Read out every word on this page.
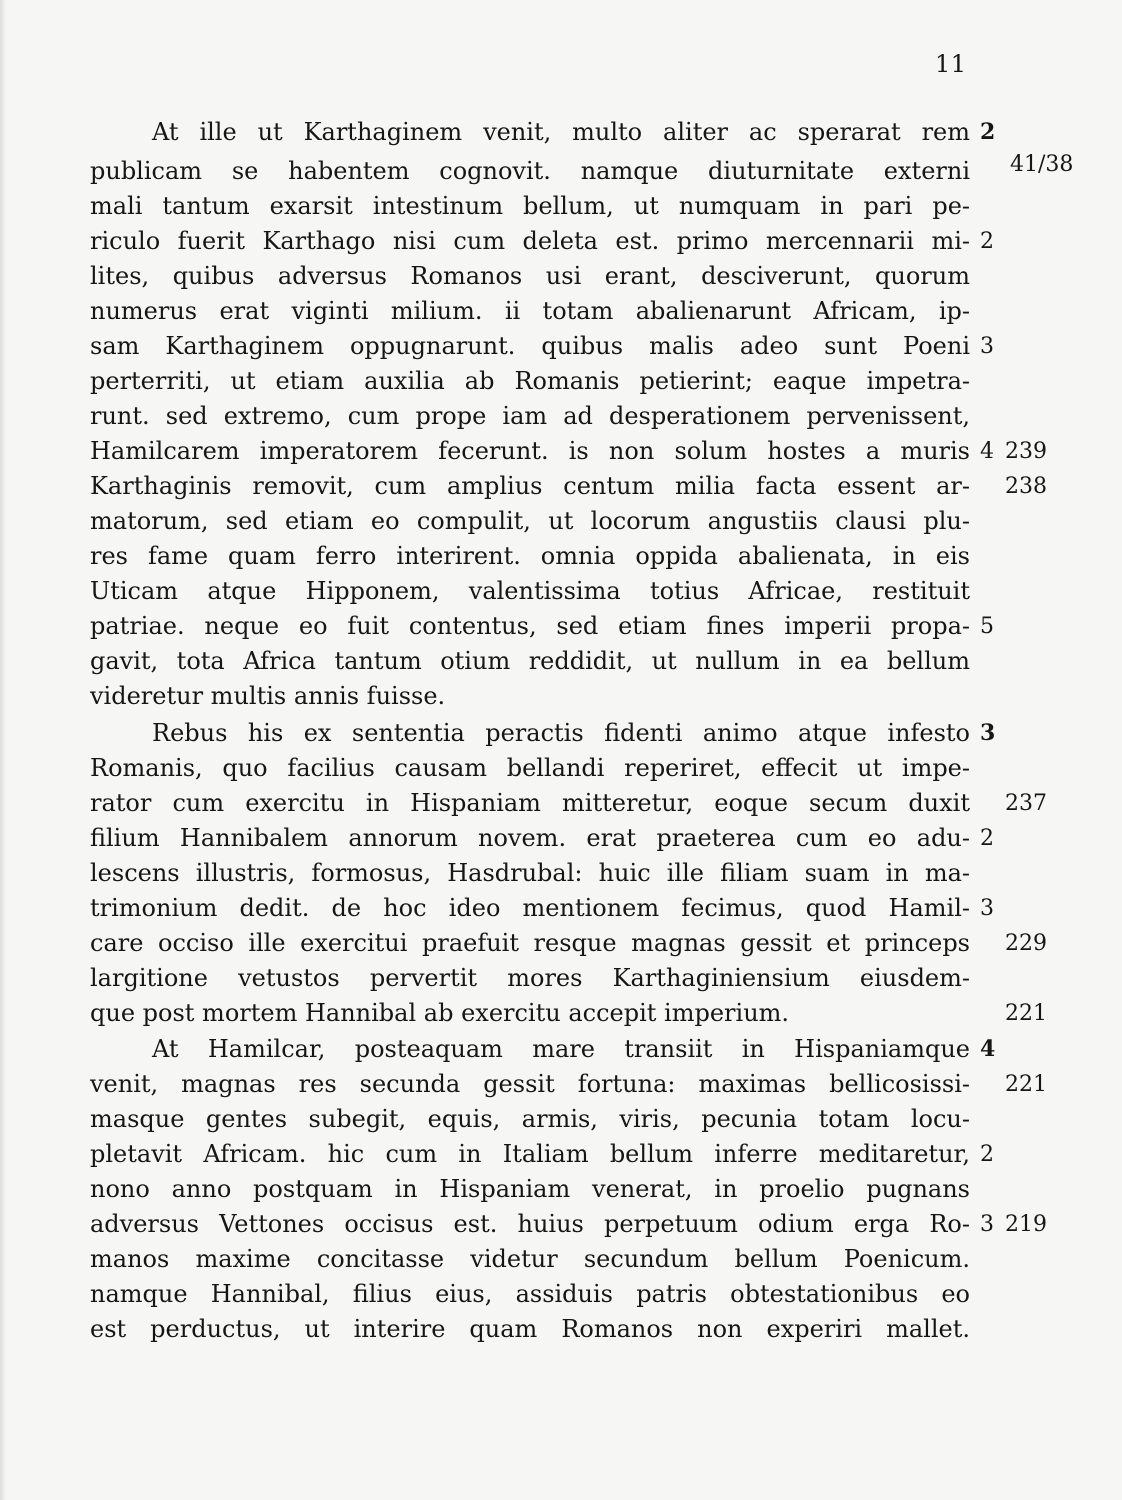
11
At ille ut Karthaginem venit, multo aliter ac sperarat rem
publicam se habentem cognovit. namque diuturnitate externi
mali tantum exarsit intestinum bellum, ut numquam in pari pe-
riculo fuerit Karthago nisi cum deleta est. primo mercennarii mi-
lites, quibus adversus Romanos usi erant, desciverunt, quorum
numerus erat viginti milium. ii totam abalienarunt Africam, ip-
sam Karthaginem oppugnarunt. quibus malis adeo sunt Poeni
perterriti, ut etiam auxilia ab Romanis petierint; eaque impetra-
runt. sed extremo, cum prope iam ad desperationem pervenissent,
Hamilcarem imperatorem fecerunt. is non solum hostes a muris
Karthaginis removit, cum amplius centum milia facta essent ar-
matorum, sed etiam eo compulit, ut locorum angustiis clausi plu-
res fame quam ferro interirent. omnia oppida abalienata, in eis
Uticam atque Hipponem, valentissima totius Africae, restituit
patriae. neque eo fuit contentus, sed etiam fines imperii propa-
gavit, tota Africa tantum otium reddidit, ut nullum in ea bellum
videretur multis annis fuisse.
Rebus his ex sententia peractis fidenti animo atque infesto
Romanis, quo facilius causam bellandi reperiret, effecit ut impe-
rator cum exercitu in Hispaniam mitteretur, eoque secum duxit
filium Hannibalem annorum novem. erat praeterea cum eo adu-
lescens illustris, formosus, Hasdrubal: huic ille filiam suam in ma-
trimonium dedit. de hoc ideo mentionem fecimus, quod Hamil-
care occiso ille exercitui praefuit resque magnas gessit et princeps
largitione vetustos pervertit mores Karthaginiensium eiusdem-
que post mortem Hannibal ab exercitu accepit imperium.
At Hamilcar, posteaquam mare transiit in Hispaniamque
venit, magnas res secunda gessit fortuna: maximas bellicosissi-
masque gentes subegit, equis, armis, viris, pecunia totam locu-
pletavit Africam. hic cum in Italiam bellum inferre meditaretur,
nono anno postquam in Hispaniam venerat, in proelio pugnans
adversus Vettones occisus est. huius perpetuum odium erga Ro-
manos maxime concitasse videtur secundum bellum Poenicum.
namque Hannibal, filius eius, assiduis patris obtestationibus eo
est perductus, ut interire quam Romanos non experiri mallet.
2
41/38
2
3
4 239
238
5
3
237
2
3
229
221
4
221
2
3 219
